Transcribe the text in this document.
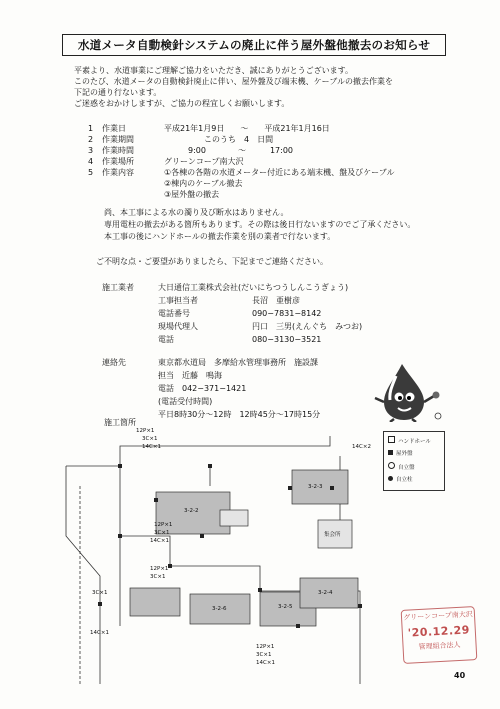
水道メータ自動検針システムの廃止に伴う屋外盤他撤去のお知らせ
平素より、水道事業にご理解ご協力をいただき、誠にありがとうございます。
このたび、水道メータの自動検針廃止に伴い、屋外盤及び端末機、ケーブルの撤去作業を
下記の通り行ないます。
ご迷惑をおかけしますが、ご協力の程宜しくお願いします。
1 作業日	平成21年1月9日　　〜　　平成21年1月16日
2 作業期間	　　　　　このうち　4　日間
3 作業時間	　　　9:00　　　　〜　　　17:00
4 作業場所	グリーンコープ南大沢
5 作業内容	①各棟の各階の水道メーター付近にある端末機、盤及びケーブル
②棟内のケーブル撤去
③屋外盤の撤去
尚、本工事による水の濁り及び断水はありません。
専用電柱の撤去がある箇所もあります。その際は後日行ないますのでご了承ください。
本工事の後にハンドホールの撤去作業を別の業者で行ないます。
ご不明な点・ご要望がありましたら、下記までご連絡ください。
施工業者	大日通信工業株式会社(だいにちつうしんこうぎょう)
工事担当者	長沼　亜樹彦
電話番号	090−7831−8142
現場代理人	円口　三男(えんぐち　みつお)
電話	080−3130−3521
連絡先	東京都水道局　多摩給水管理事務所　施設課
担当　近藤　鳴海
電話　042−371−1421
(電話受付時間)
平日8時30分〜12時　12時45分〜17時15分
施工箇所
3-2-3
3-2-2
3-2-6	3-2-5
3-2-4
12P×1
3C×1
14C×1	14C×2
12P×1
3C×1
14C×1
12P×1
3C×1
3C×1
14C×1
12P×1
3C×1
14C×1
集会所
ハンドホール
屋外盤
自立盤
自立柱
グリーンコープ南大沢
'20.12.29
管理組合法人
40
